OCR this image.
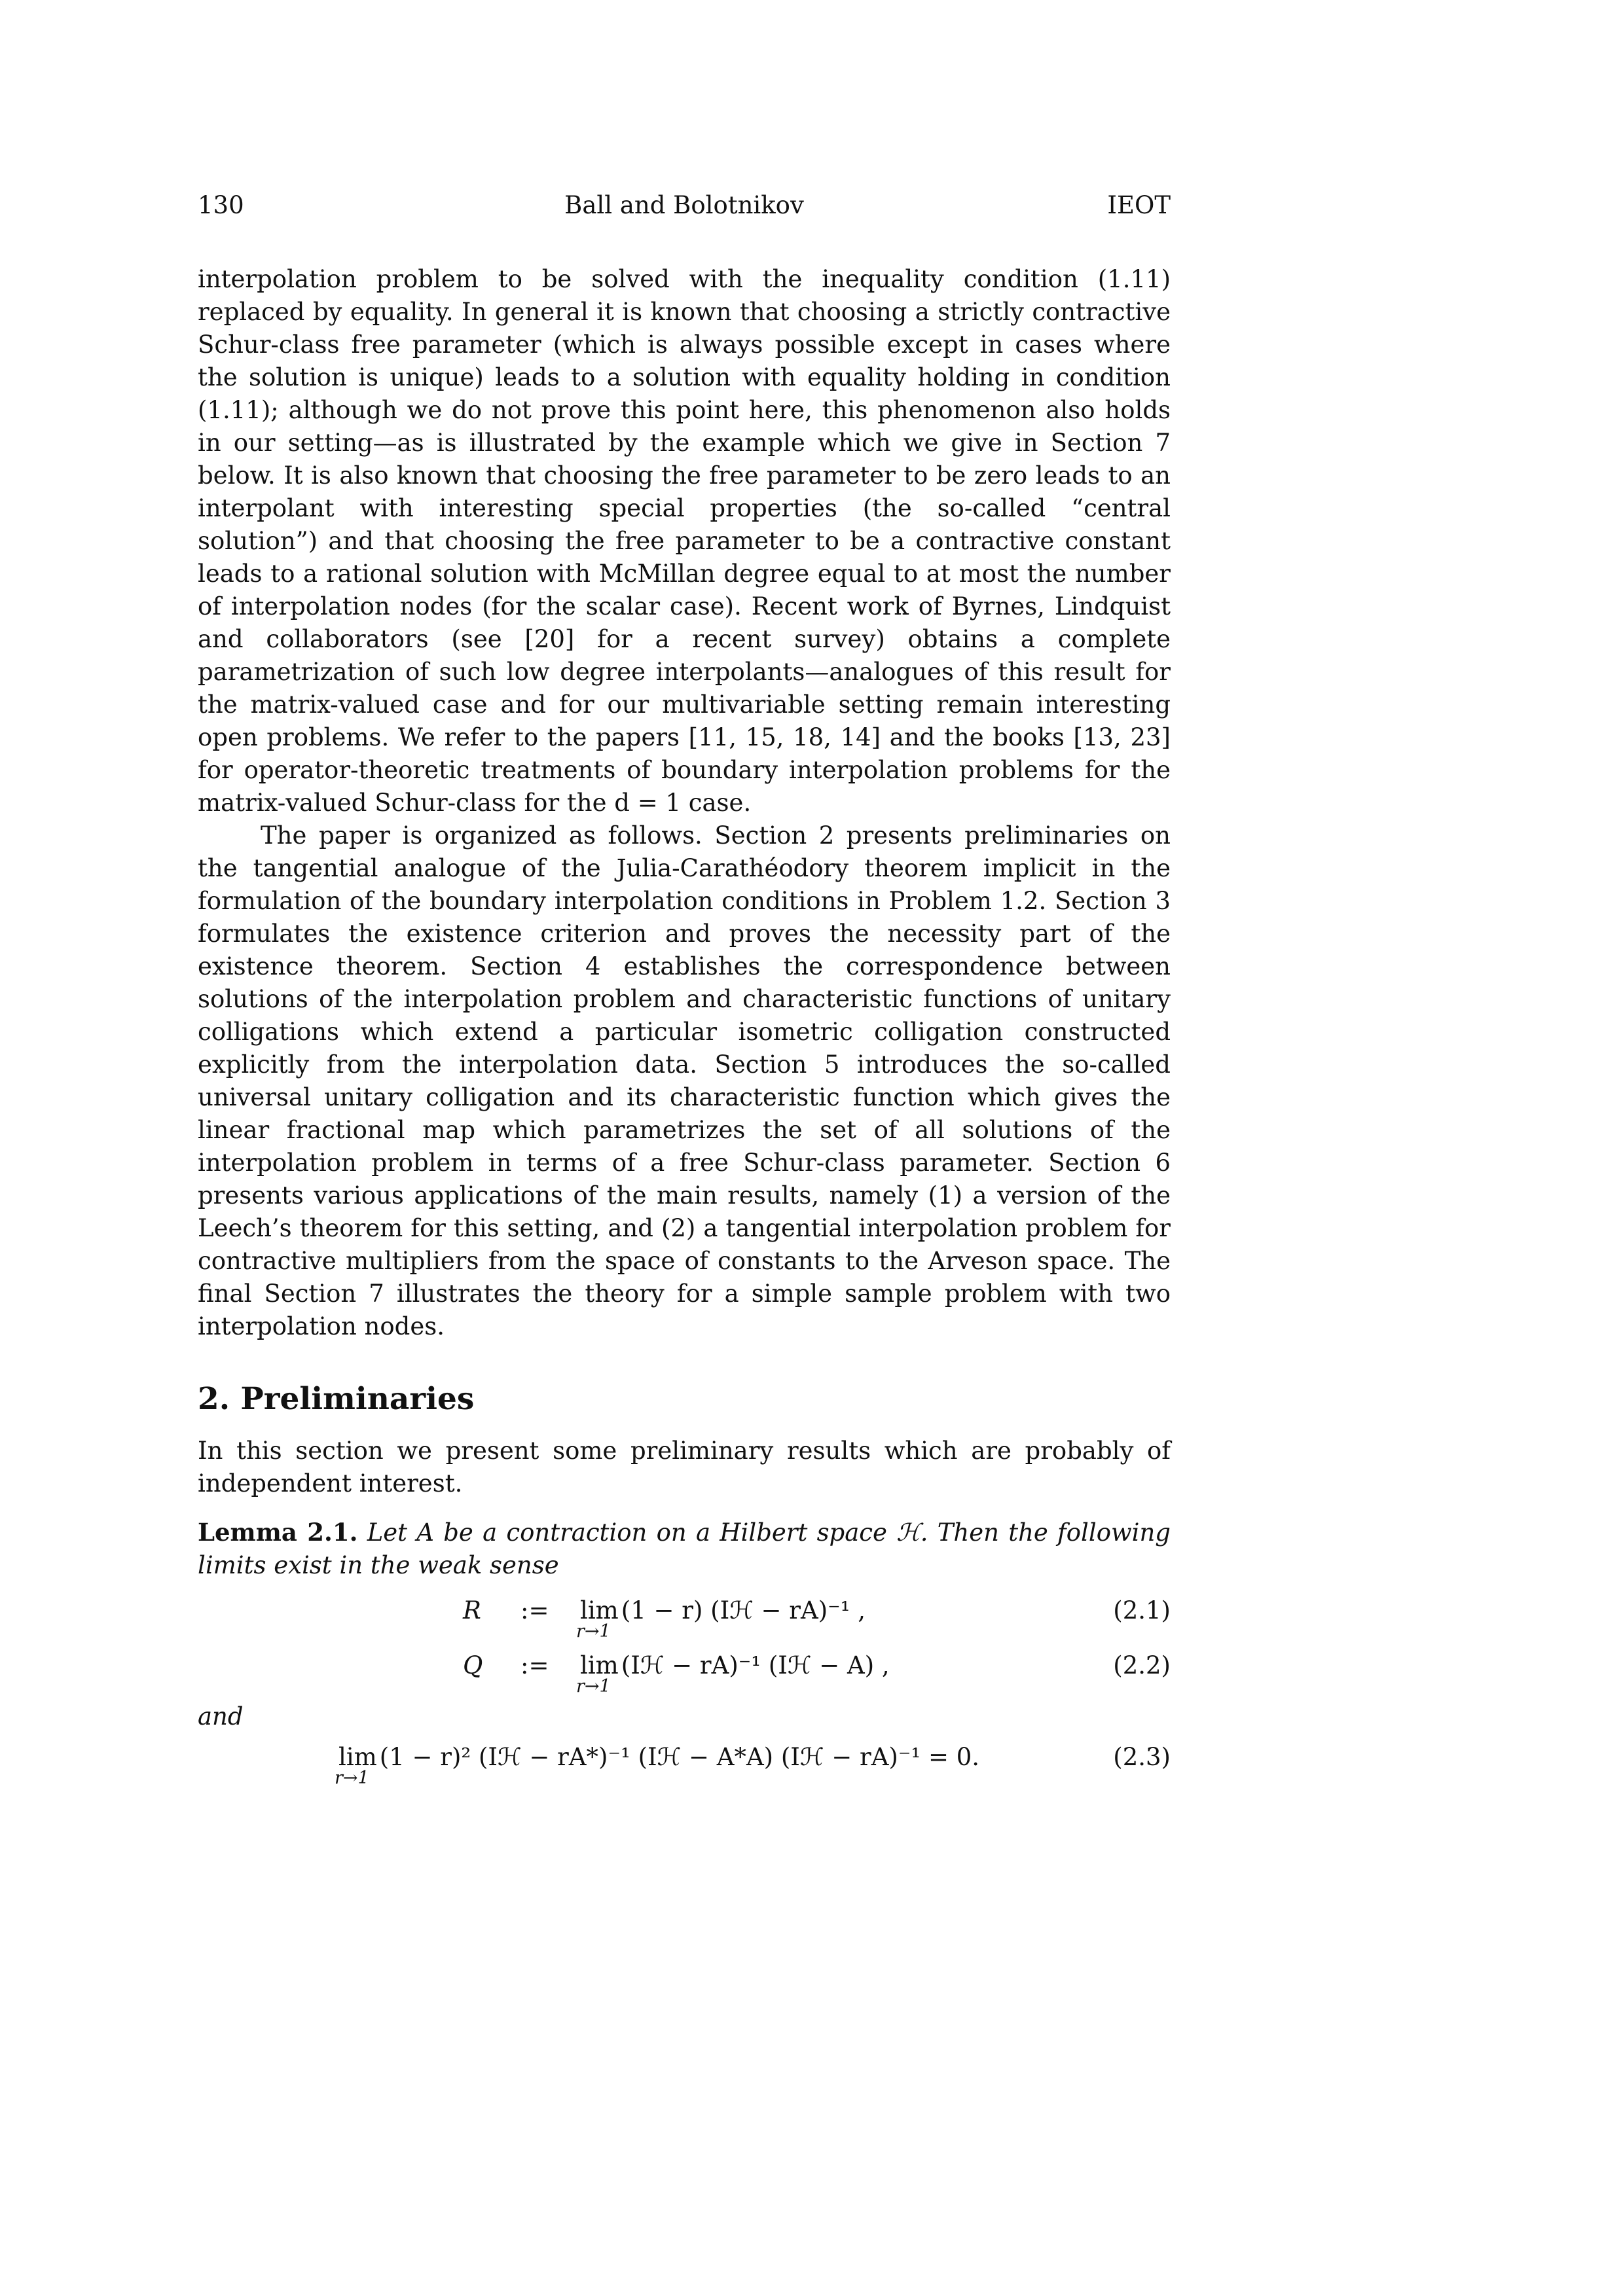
130	Ball and Bolotnikov	IEOT

interpolation problem to be solved with the inequality condition (1.11) replaced by equality. In general it is known that choosing a strictly contractive Schur-class free parameter (which is always possible except in cases where the solution is unique) leads to a solution with equality holding in condition (1.11); although we do not prove this point here, this phenomenon also holds in our setting—as is illustrated by the example which we give in Section 7 below. It is also known that choosing the free parameter to be zero leads to an interpolant with interesting special properties (the so-called “central solution”) and that choosing the free parameter to be a contractive constant leads to a rational solution with McMillan degree equal to at most the number of interpolation nodes (for the scalar case). Recent work of Byrnes, Lindquist and collaborators (see [20] for a recent survey) obtains a complete parametrization of such low degree interpolants—analogues of this result for the matrix-valued case and for our multivariable setting remain interesting open problems. We refer to the papers [11, 15, 18, 14] and the books [13, 23] for operator-theoretic treatments of boundary interpolation problems for the matrix-valued Schur-class for the d = 1 case.

The paper is organized as follows. Section 2 presents preliminaries on the tangential analogue of the Julia-Carathéodory theorem implicit in the formulation of the boundary interpolation conditions in Problem 1.2. Section 3 formulates the existence criterion and proves the necessity part of the existence theorem. Section 4 establishes the correspondence between solutions of the interpolation problem and characteristic functions of unitary colligations which extend a particular isometric colligation constructed explicitly from the interpolation data. Section 5 introduces the so-called universal unitary colligation and its characteristic function which gives the linear fractional map which parametrizes the set of all solutions of the interpolation problem in terms of a free Schur-class parameter. Section 6 presents various applications of the main results, namely (1) a version of the Leech’s theorem for this setting, and (2) a tangential interpolation problem for contractive multipliers from the space of constants to the Arveson space. The final Section 7 illustrates the theory for a simple sample problem with two interpolation nodes.

2. Preliminaries
In this section we present some preliminary results which are probably of independent interest.
Lemma 2.1. Let A be a contraction on a Hilbert space ℋ. Then the following limits exist in the weak sense
R := lim
r→1
(1 − r) (Iℋ − rA)⁻¹ ,	(2.1)
Q := lim
r→1
(Iℋ − rA)⁻¹ (Iℋ − A) ,	(2.2)
and
lim
r→1
(1 − r)² (Iℋ − rA*)⁻¹ (Iℋ − A*A) (Iℋ − rA)⁻¹ = 0.	(2.3)
